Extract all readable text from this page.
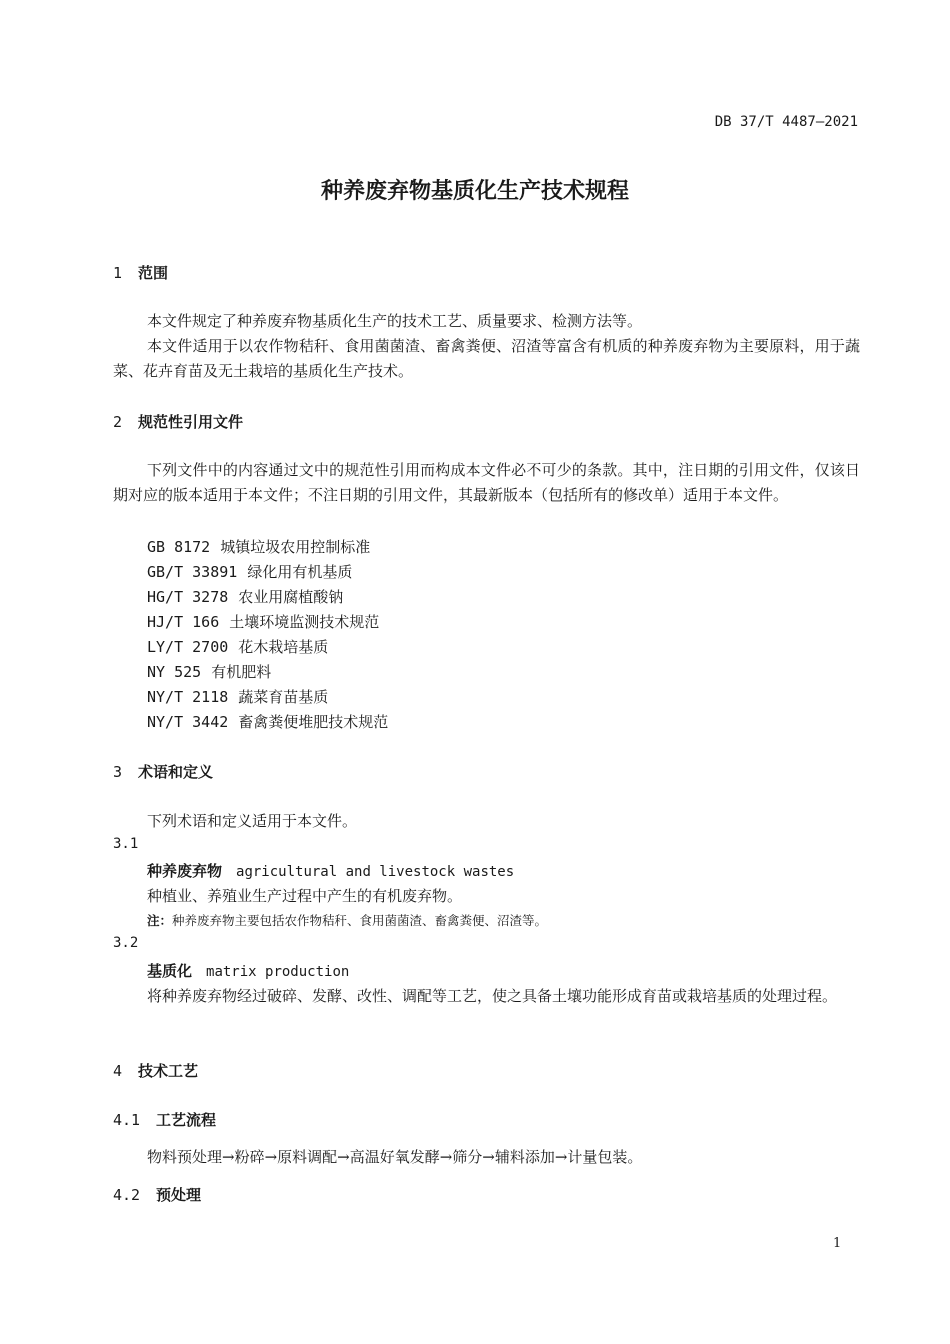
DB 37/T 4487—2021
种养废弃物基质化生产技术规程
1 范围
本文件规定了种养废弃物基质化生产的技术工艺、质量要求、检测方法等。
本文件适用于以农作物秸秆、食用菌菌渣、畜禽粪便、沼渣等富含有机质的种养废弃物为主要原料，用于蔬菜、花卉育苗及无土栽培的基质化生产技术。
2 规范性引用文件
下列文件中的内容通过文中的规范性引用而构成本文件必不可少的条款。其中，注日期的引用文件，仅该日期对应的版本适用于本文件；不注日期的引用文件，其最新版本（包括所有的修改单）适用于本文件。
GB 8172 城镇垃圾农用控制标准
GB/T 33891 绿化用有机基质
HG/T 3278 农业用腐植酸钠
HJ/T 166 土壤环境监测技术规范
LY/T 2700 花木栽培基质
NY 525 有机肥料
NY/T 2118 蔬菜育苗基质
NY/T 3442 畜禽粪便堆肥技术规范
3 术语和定义
下列术语和定义适用于本文件。
3.1
种养废弃物 agricultural and livestock wastes
种植业、养殖业生产过程中产生的有机废弃物。
注：种养废弃物主要包括农作物秸秆、食用菌菌渣、畜禽粪便、沼渣等。
3.2
基质化 matrix production
将种养废弃物经过破碎、发酵、改性、调配等工艺，使之具备土壤功能形成育苗或栽培基质的处理过程。
4 技术工艺
4.1 工艺流程
物料预处理→粉碎→原料调配→高温好氧发酵→筛分→辅料添加→计量包装。
4.2 预处理
1
